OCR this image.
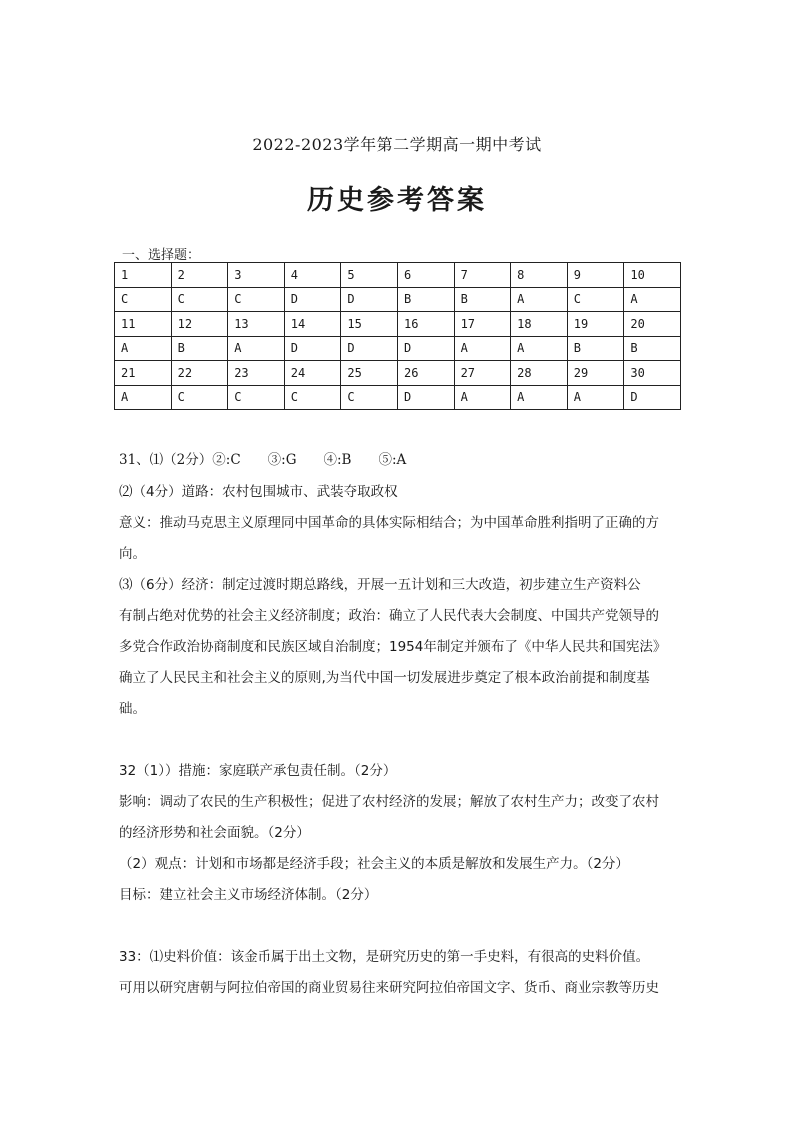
2022-2023学年第二学期高一期中考试
历史参考答案
一、选择题：
1	2	3	4	5	6	7	8	9	10
C	C	C	D	D	B	B	A	C	A
11	12	13	14	15	16	17	18	19	20
A	B	A	D	D	D	A	A	B	B
21	22	23	24	25	26	27	28	29	30
A	C	C	C	C	D	A	A	A	D
31、⑴（2分）②:C　　③:G　　④:B　　⑤:A
⑵（4分）道路：农村包围城市、武装夺取政权
意义：推动马克思主义原理同中国革命的具体实际相结合；为中国革命胜利指明了正确的方
向。
⑶（6分）经济：制定过渡时期总路线，开展一五计划和三大改造，初步建立生产资料公
有制占绝对优势的社会主义经济制度；政治：确立了人民代表大会制度、中国共产党领导的
多党合作政治协商制度和民族区域自治制度；1954年制定并颁布了《中华人民共和国宪法》
确立了人民民主和社会主义的原则,为当代中国一切发展进步奠定了根本政治前提和制度基
础。
32（1））措施：家庭联产承包责任制。（2分）
影响：调动了农民的生产积极性；促进了农村经济的发展；解放了农村生产力；改变了农村
的经济形势和社会面貌。（2分）
（2）观点：计划和市场都是经济手段；社会主义的本质是解放和发展生产力。（2分）
目标：建立社会主义市场经济体制。（2分）
33：⑴史料价值：该金币属于出土文物，是研究历史的第一手史料，有很高的史料价值。
可用以研究唐朝与阿拉伯帝国的商业贸易往来研究阿拉伯帝国文字、货币、商业宗教等历史
